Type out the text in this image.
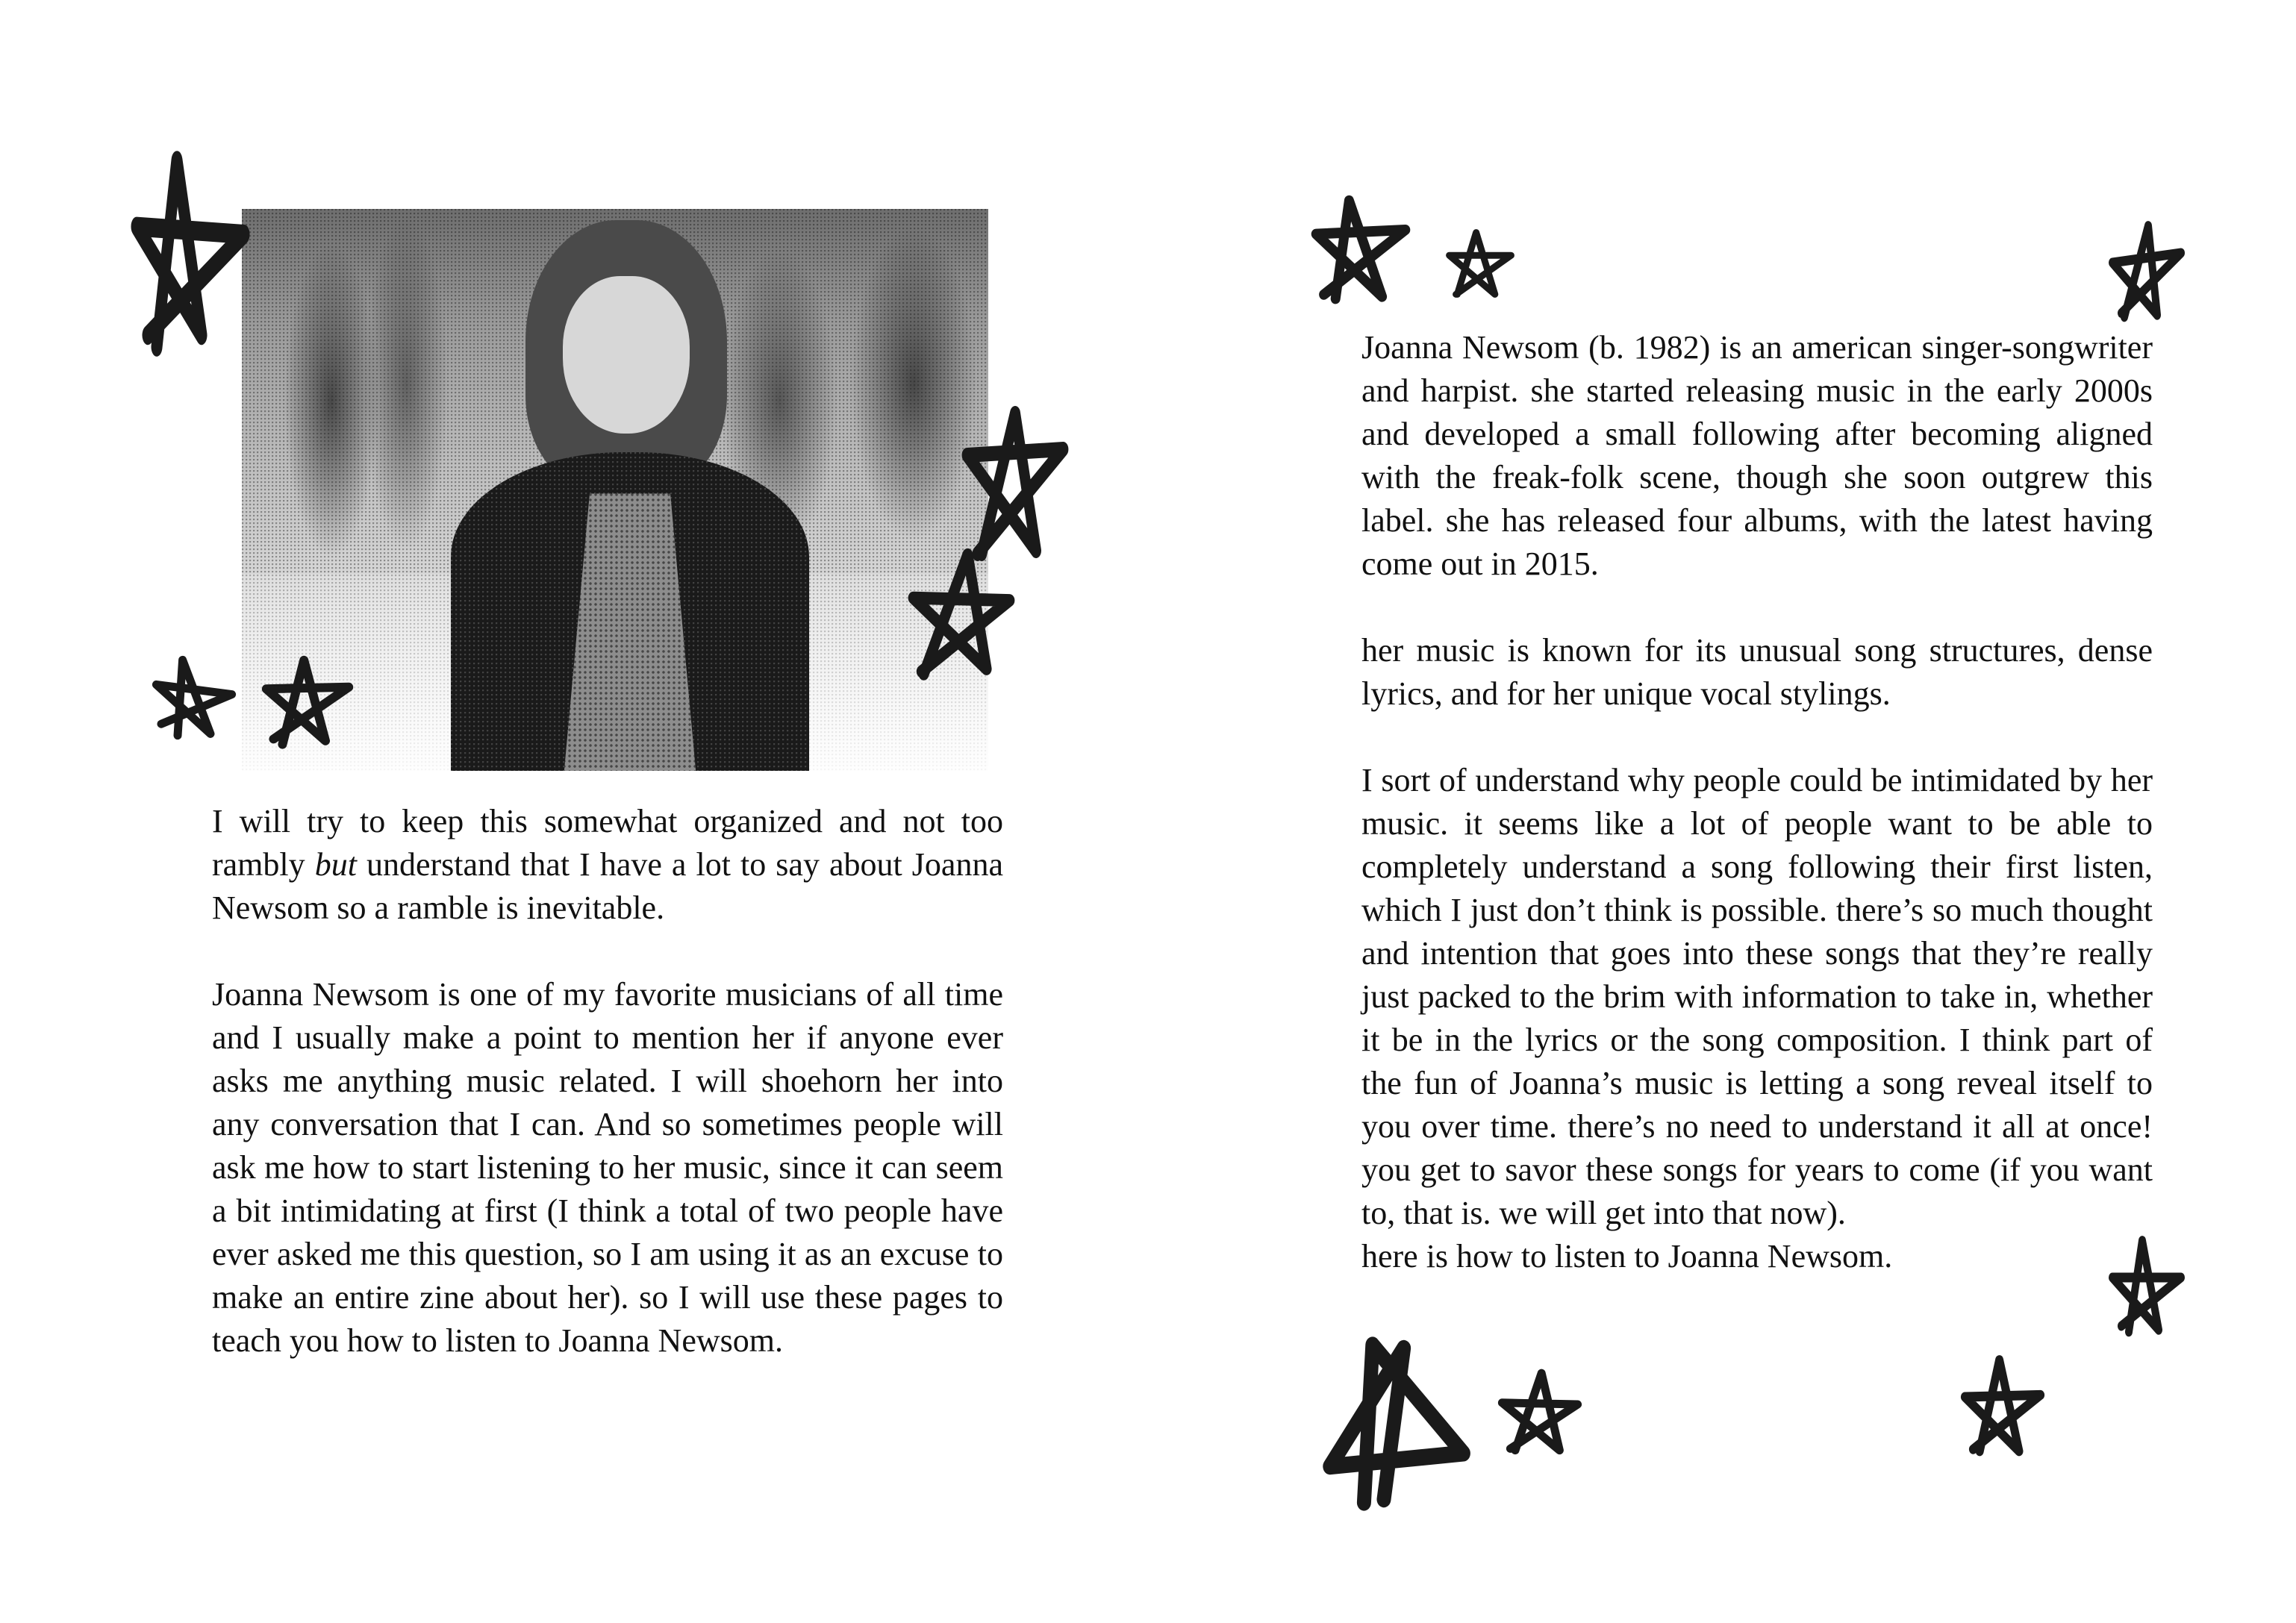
I will try to keep this somewhat organized and not too rambly but understand that I have a lot to say about Joanna Newsom so a ramble is inevitable.

Joanna Newsom is one of my favorite musicians of all time and I usually make a point to mention her if anyone ever asks me anything music related. I will shoehorn her into any conversation that I can. And so sometimes people will ask me how to start listening to her music, since it can seem a bit intimidating at first (I think a total of two people have ever asked me this question, so I am using it as an excuse to make an entire zine about her). so I will use these pages to teach you how to listen to Joanna Newsom.

Joanna Newsom (b. 1982) is an american singer-songwriter and harpist. she started releasing music in the early 2000s and developed a small following after becoming aligned with the freak-folk scene, though she soon outgrew this label. she has released four albums, with the latest having come out in 2015.

her music is known for its unusual song structures, dense lyrics, and for her unique vocal stylings.

I sort of understand why people could be intimidated by her music. it seems like a lot of people want to be able to completely understand a song following their first listen, which I just don’t think is possible. there’s so much thought and intention that goes into these songs that they’re really just packed to the brim with information to take in, whether it be in the lyrics or the song composition. I think part of the fun of Joanna’s music is letting a song reveal itself to you over time. there’s no need to understand it all at once! you get to savor these songs for years to come (if you want to, that is. we will get into that now).
here is how to listen to Joanna Newsom.
